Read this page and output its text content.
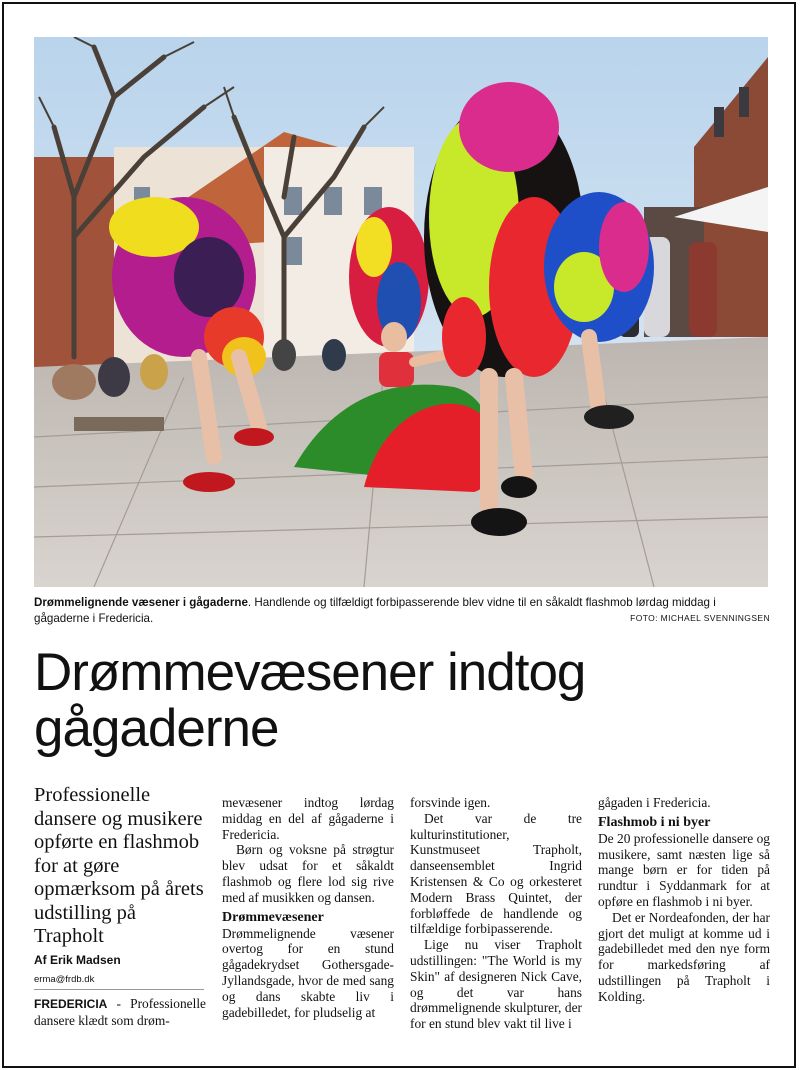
Drømmelignende væsener i gågaderne. Handlende og tilfældigt forbipasserende blev vidne til en såkaldt flashmob lørdag middag i gågaderne i Fredericia.	FOTO: MICHAEL SVENNINGSEN
Drømmevæsener indtog gågaderne

Professionelle dansere og musikere opførte en flashmob for at gøre opmærksom på årets udstilling på Trapholt

Af Erik Madsen
erma@frdb.dk

FREDERICIA - Professionelle dansere klædt som drøm-

mevæsener indtog lørdag middag en del af gågaderne i Fredericia.

Børn og voksne på strøgtur blev udsat for et såkaldt flashmob og flere lod sig rive med af musikken og dansen.

Drømmevæsener

Drømmelignende væsener overtog for en stund gågadekrydset Gothersgade-Jyllandsgade, hvor de med sang og dans skabte liv i gadebilledet, for pludselig at

forsvinde igen.

Det var de tre kulturinstitutioner, Kunstmuseet Trapholt, danseensemblet Ingrid Kristensen & Co og orkesteret Modern Brass Quintet, der forbløffede de handlende og tilfældige forbipasserende.

Lige nu viser Trapholt udstillingen: "The World is my Skin" af designeren Nick Cave, og det var hans drømmelignende skulpturer, der for en stund blev vakt til live i

gågaden i Fredericia.

Flashmob i ni byer

De 20 professionelle dansere og musikere, samt næsten lige så mange børn er for tiden på rundtur i Syddanmark for at opføre en flashmob i ni byer.

Det er Nordeafonden, der har gjort det muligt at komme ud i gadebilledet med den nye form for markedsføring af udstillingen på Trapholt i Kolding.
